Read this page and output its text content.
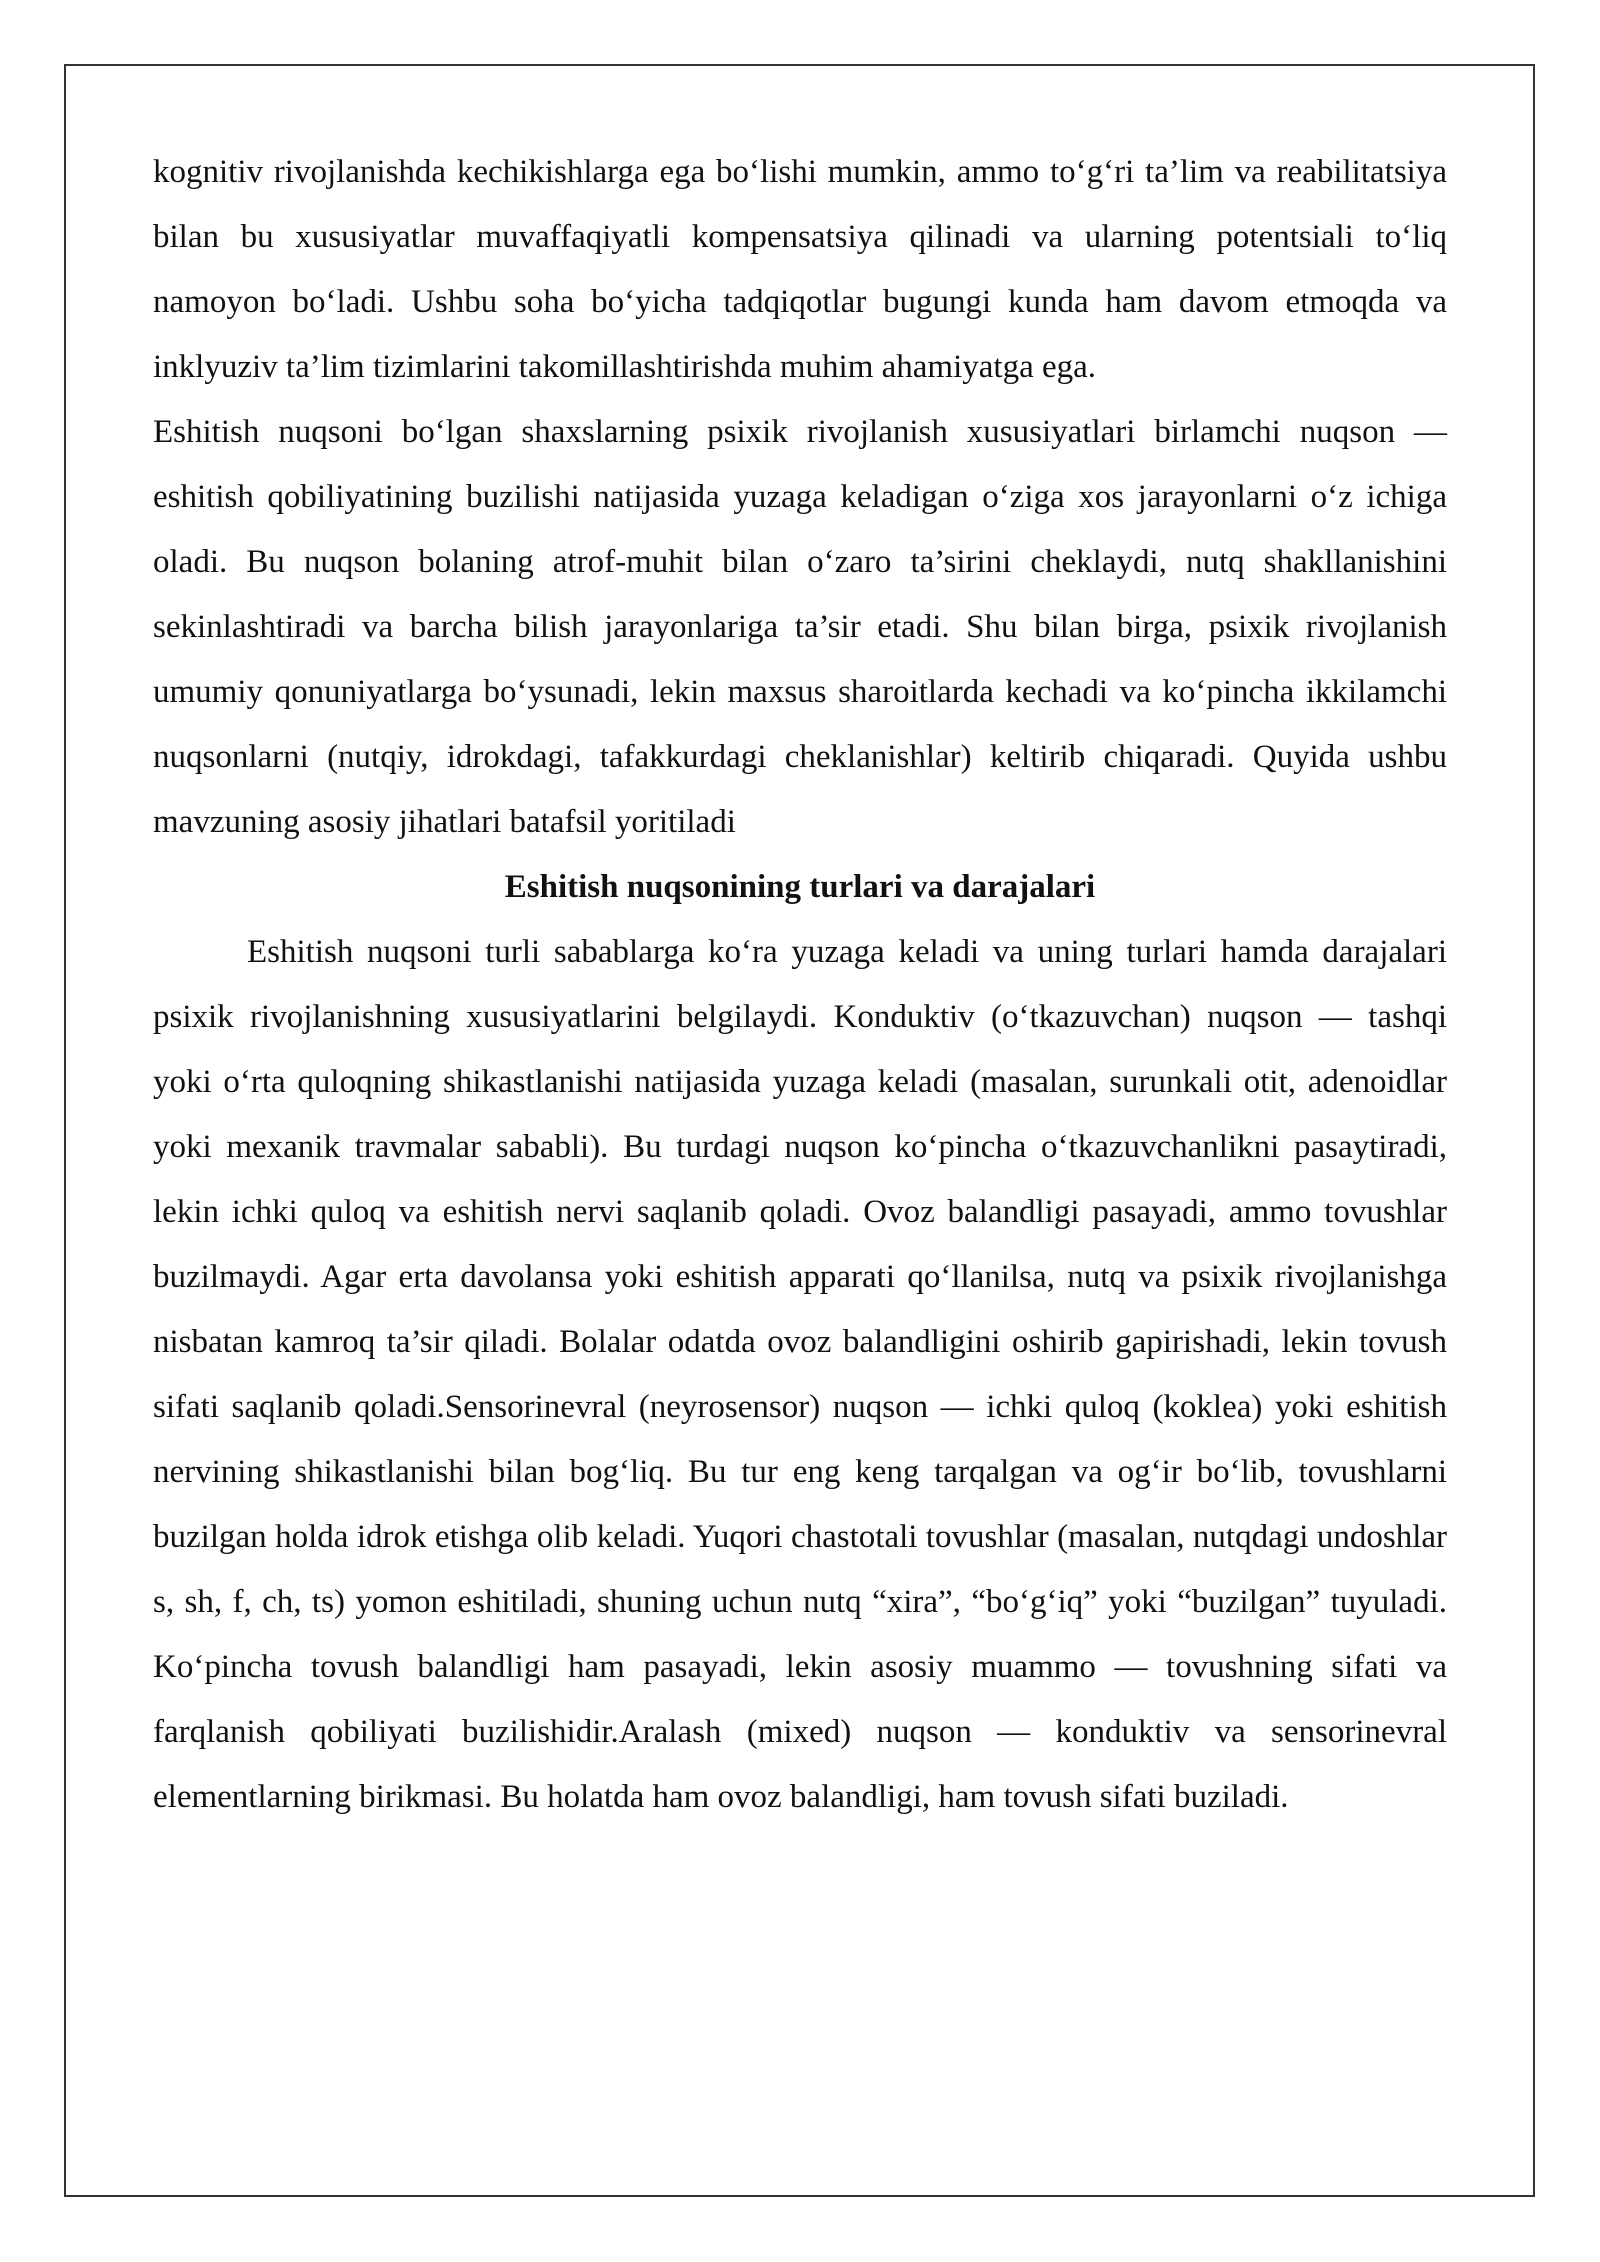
kognitiv rivojlanishda kechikishlarga ega bo‘lishi mumkin, ammo to‘g‘ri ta’lim va reabilitatsiya bilan bu xususiyatlar muvaffaqiyatli kompensatsiya qilinadi va ularning potentsiali to‘liq namoyon bo‘ladi. Ushbu soha bo‘yicha tadqiqotlar bugungi kunda ham davom etmoqda va inklyuziv ta’lim tizimlarini takomillashtirishda muhim ahamiyatga ega.

Eshitish nuqsoni bo‘lgan shaxslarning psixik rivojlanish xususiyatlari birlamchi nuqson — eshitish qobiliyatining buzilishi natijasida yuzaga keladigan o‘ziga xos jarayonlarni o‘z ichiga oladi. Bu nuqson bolaning atrof-muhit bilan o‘zaro ta’sirini cheklaydi, nutq shakllanishini sekinlashtiradi va barcha bilish jarayonlariga ta’sir etadi. Shu bilan birga, psixik rivojlanish umumiy qonuniyatlarga bo‘ysunadi, lekin maxsus sharoitlarda kechadi va ko‘pincha ikkilamchi nuqsonlarni (nutqiy, idrokdagi, tafakkurdagi cheklanishlar) keltirib chiqaradi. Quyida ushbu mavzuning asosiy jihatlari batafsil yoritiladi

Eshitish nuqsonining turlari va darajalari

Eshitish nuqsoni turli sabablarga ko‘ra yuzaga keladi va uning turlari hamda darajalari psixik rivojlanishning xususiyatlarini belgilaydi. Konduktiv (o‘tkazuvchan) nuqson — tashqi yoki o‘rta quloqning shikastlanishi natijasida yuzaga keladi (masalan, surunkali otit, adenoidlar yoki mexanik travmalar sababli). Bu turdagi nuqson ko‘pincha o‘tkazuvchanlikni pasaytiradi, lekin ichki quloq va eshitish nervi saqlanib qoladi. Ovoz balandligi pasayadi, ammo tovushlar buzilmaydi. Agar erta davolansa yoki eshitish apparati qo‘llanilsa, nutq va psixik rivojlanishga nisbatan kamroq ta’sir qiladi. Bolalar odatda ovoz balandligini oshirib gapirishadi, lekin tovush sifati saqlanib qoladi.Sensorinevral (neyrosensor) nuqson — ichki quloq (koklea) yoki eshitish nervining shikastlanishi bilan bog‘liq. Bu tur eng keng tarqalgan va og‘ir bo‘lib, tovushlarni buzilgan holda idrok etishga olib keladi. Yuqori chastotali tovushlar (masalan, nutqdagi undoshlar s, sh, f, ch, ts) yomon eshitiladi, shuning uchun nutq “xira”, “bo‘g‘iq” yoki “buzilgan” tuyuladi. Ko‘pincha tovush balandligi ham pasayadi, lekin asosiy muammo — tovushning sifati va farqlanish qobiliyati buzilishidir.Aralash (mixed) nuqson — konduktiv va sensorinevral elementlarning birikmasi. Bu holatda ham ovoz balandligi, ham tovush sifati buziladi.
